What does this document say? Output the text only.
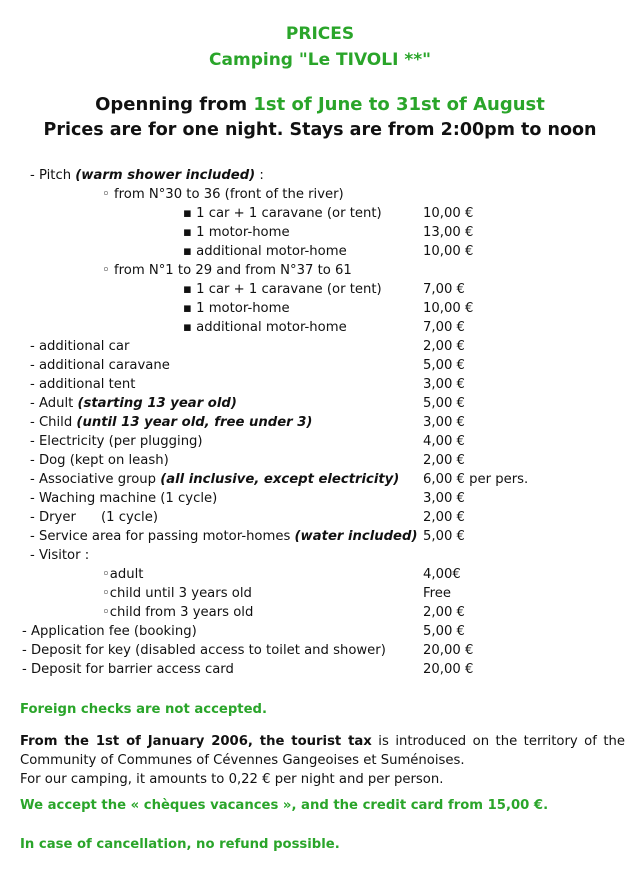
PRICES
Camping "Le TIVOLI **"
Openning from 1st of June to 31st of August
Prices are for one night. Stays are from 2:00pm to noon
- Pitch (warm shower included) :
◦ from N°30 to 36 (front of the river)
▪ 1 car + 1 caravane (or tent)	10,00 €
▪ 1 motor-home	13,00 €
▪ additional motor-home	10,00 €
◦ from N°1 to 29 and from N°37 to 61
▪ 1 car + 1 caravane (or tent)	7,00 €
▪ 1 motor-home	10,00 €
▪ additional motor-home	7,00 €
- additional car	2,00 €
- additional caravane	5,00 €
- additional tent	3,00 €
- Adult (starting 13 year old)	5,00 €
- Child (until 13 year old, free under 3)	3,00 €
- Electricity (per plugging)	4,00 €
- Dog (kept on leash)	2,00 €
- Associative group (all inclusive, except electricity) 6,00 € per pers.
- Waching machine (1 cycle)	3,00 €
- Dryer      (1 cycle)	2,00 €
- Service area for passing motor-homes (water included) 5,00 €
- Visitor :
◦adult	4,00€
◦child until 3 years old	Free
◦child from 3 years old	2,00 €
- Application fee (booking)	5,00 €
- Deposit for key (disabled access to toilet and shower)	20,00 €
- Deposit for barrier access card	20,00 €
Foreign checks are not accepted.
From the 1st of January 2006, the tourist tax is introduced on the territory of the Community of Communes of Cévennes Gangeoises et Suménoises.
For our camping, it amounts to 0,22 € per night and per person.
We accept the « chèques vacances », and the credit card from 15,00 €.
In case of cancellation, no refund possible.
